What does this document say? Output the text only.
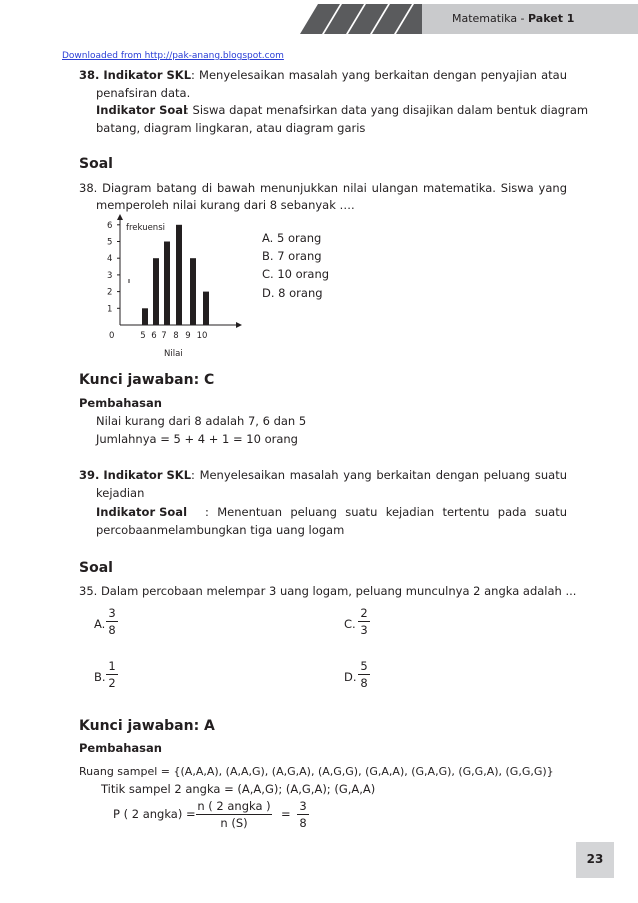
Matematika - Paket 1
Downloaded from http://pak-anang.blogspot.com
38. Indikator SKL : Menyelesaikan masalah yang berkaitan dengan penyajian atau
penafsiran data.
Indikator Soal
: Siswa dapat menafsirkan data yang disajikan dalam bentuk diagram
batang, diagram lingkaran, atau diagram garis
Soal
38. Diagram batang di bawah menunjukkan nilai ulangan matematika. Siswa yang
memperoleh nilai kurang dari 8 sebanyak ….
frekuensi
0
Nilai
1
2
3
4
5
6
5 6 7 8 9 10
A. 5 orang
B. 7 orang
C. 10 orang
D. 8 orang
Kunci jawaban: C
Pembahasan
Nilai kurang dari 8 adalah 7, 6 dan 5
Jumlahnya = 5 + 4 + 1 = 10 orang
39. Indikator SKL : Menyelesaikan masalah yang berkaitan dengan peluang suatu
kejadian
Indikator Soal : Menentuan peluang suatu kejadian tertentu pada suatu
percobaanmelambungkan tiga uang logam
Soal
35. Dalam percobaan melempar 3 uang logam, peluang munculnya 2 angka adalah ...
A.
3
8	C.
2
3
B.
1
2	D.
5
8
Kunci jawaban: A
Pembahasan
Ruang sampel = {(A,A,A), (A,A,G), (A,G,A), (A,G,G), (G,A,A), (G,A,G), (G,G,A), (G,G,G)}
Titik sampel 2 angka = (A,A,G); (A,G,A); (G,A,A)
P ( 2 angka) =
n ( 2 angka )
n (S)
=
3
8
23
